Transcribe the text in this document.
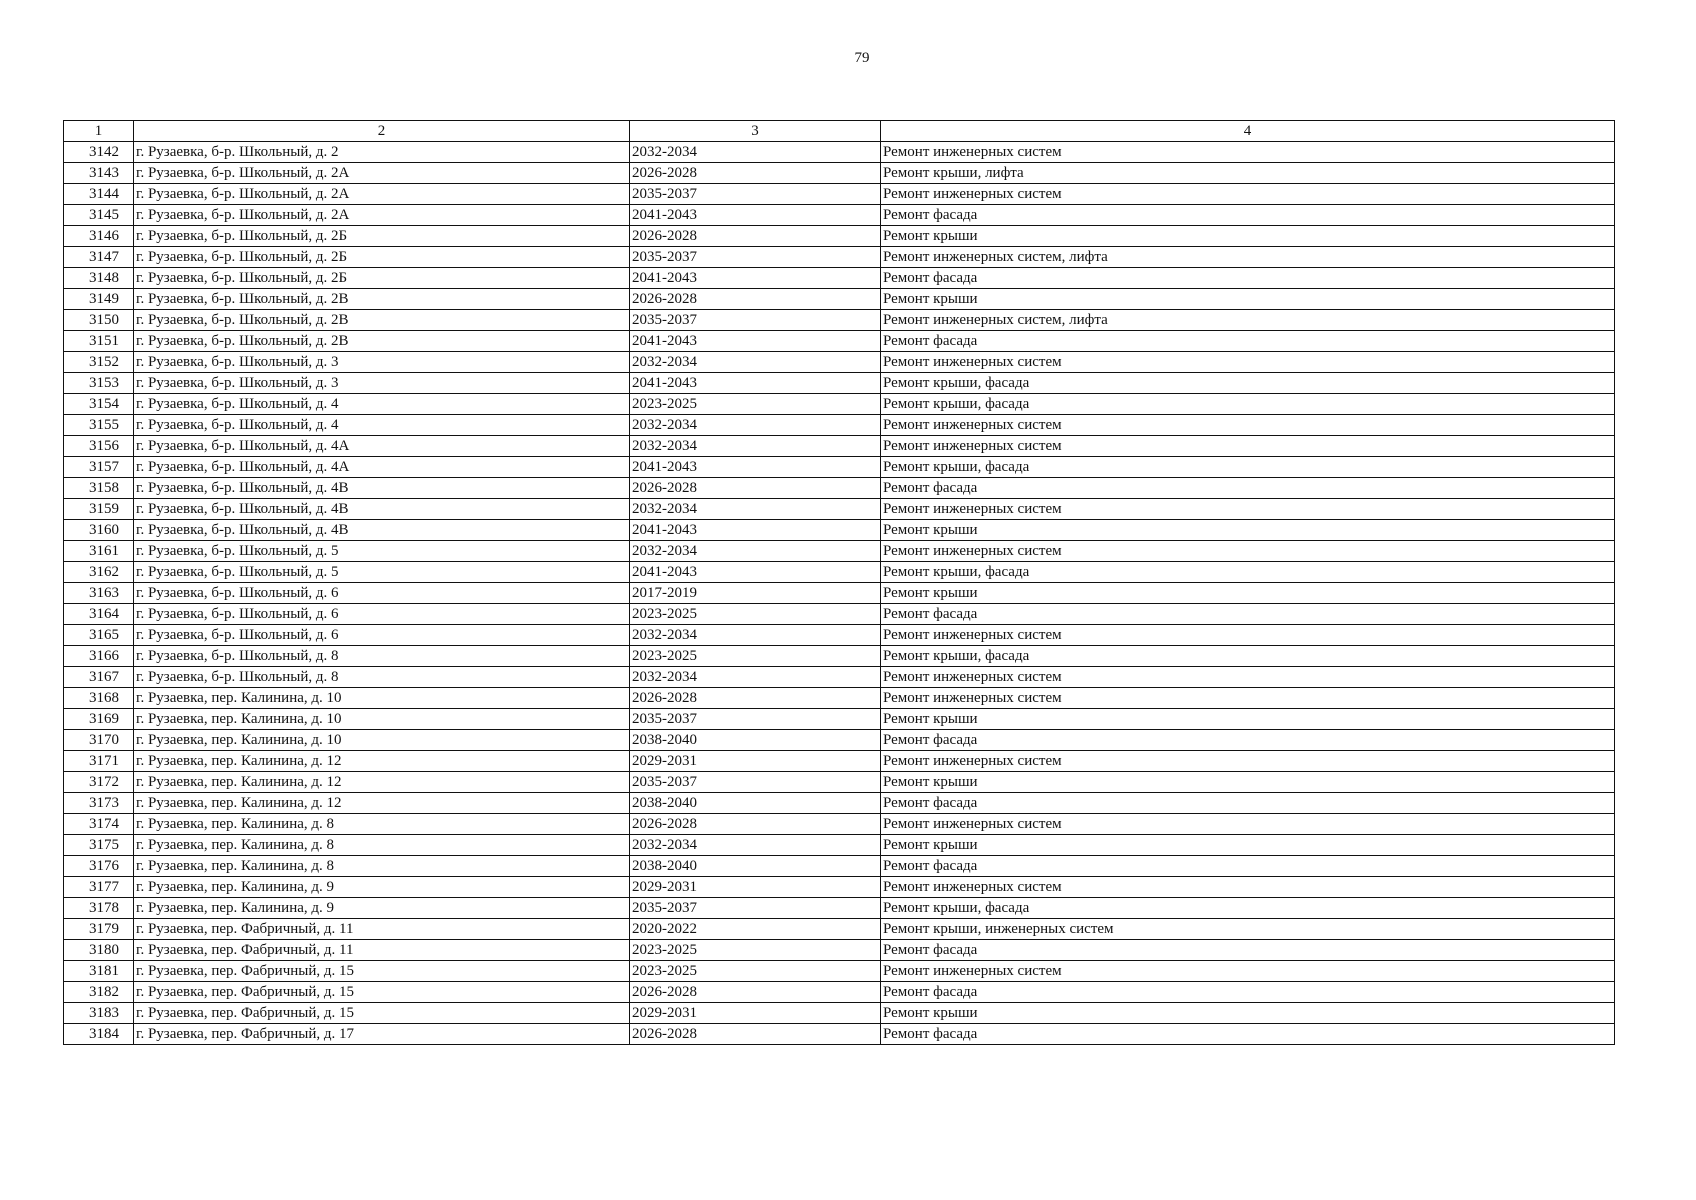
79
1	2	3	4
3142	г. Рузаевка, б-р. Школьный, д. 2	2032-2034	Ремонт инженерных систем
3143	г. Рузаевка, б-р. Школьный, д. 2А	2026-2028	Ремонт крыши, лифта
3144	г. Рузаевка, б-р. Школьный, д. 2А	2035-2037	Ремонт инженерных систем
3145	г. Рузаевка, б-р. Школьный, д. 2А	2041-2043	Ремонт фасада
3146	г. Рузаевка, б-р. Школьный, д. 2Б	2026-2028	Ремонт крыши
3147	г. Рузаевка, б-р. Школьный, д. 2Б	2035-2037	Ремонт инженерных систем, лифта
3148	г. Рузаевка, б-р. Школьный, д. 2Б	2041-2043	Ремонт фасада
3149	г. Рузаевка, б-р. Школьный, д. 2В	2026-2028	Ремонт крыши
3150	г. Рузаевка, б-р. Школьный, д. 2В	2035-2037	Ремонт инженерных систем, лифта
3151	г. Рузаевка, б-р. Школьный, д. 2В	2041-2043	Ремонт фасада
3152	г. Рузаевка, б-р. Школьный, д. 3	2032-2034	Ремонт инженерных систем
3153	г. Рузаевка, б-р. Школьный, д. 3	2041-2043	Ремонт крыши, фасада
3154	г. Рузаевка, б-р. Школьный, д. 4	2023-2025	Ремонт крыши, фасада
3155	г. Рузаевка, б-р. Школьный, д. 4	2032-2034	Ремонт инженерных систем
3156	г. Рузаевка, б-р. Школьный, д. 4А	2032-2034	Ремонт инженерных систем
3157	г. Рузаевка, б-р. Школьный, д. 4А	2041-2043	Ремонт крыши, фасада
3158	г. Рузаевка, б-р. Школьный, д. 4В	2026-2028	Ремонт фасада
3159	г. Рузаевка, б-р. Школьный, д. 4В	2032-2034	Ремонт инженерных систем
3160	г. Рузаевка, б-р. Школьный, д. 4В	2041-2043	Ремонт крыши
3161	г. Рузаевка, б-р. Школьный, д. 5	2032-2034	Ремонт инженерных систем
3162	г. Рузаевка, б-р. Школьный, д. 5	2041-2043	Ремонт крыши, фасада
3163	г. Рузаевка, б-р. Школьный, д. 6	2017-2019	Ремонт крыши
3164	г. Рузаевка, б-р. Школьный, д. 6	2023-2025	Ремонт фасада
3165	г. Рузаевка, б-р. Школьный, д. 6	2032-2034	Ремонт инженерных систем
3166	г. Рузаевка, б-р. Школьный, д. 8	2023-2025	Ремонт крыши, фасада
3167	г. Рузаевка, б-р. Школьный, д. 8	2032-2034	Ремонт инженерных систем
3168	г. Рузаевка, пер. Калинина, д. 10	2026-2028	Ремонт инженерных систем
3169	г. Рузаевка, пер. Калинина, д. 10	2035-2037	Ремонт крыши
3170	г. Рузаевка, пер. Калинина, д. 10	2038-2040	Ремонт фасада
3171	г. Рузаевка, пер. Калинина, д. 12	2029-2031	Ремонт инженерных систем
3172	г. Рузаевка, пер. Калинина, д. 12	2035-2037	Ремонт крыши
3173	г. Рузаевка, пер. Калинина, д. 12	2038-2040	Ремонт фасада
3174	г. Рузаевка, пер. Калинина, д. 8	2026-2028	Ремонт инженерных систем
3175	г. Рузаевка, пер. Калинина, д. 8	2032-2034	Ремонт крыши
3176	г. Рузаевка, пер. Калинина, д. 8	2038-2040	Ремонт фасада
3177	г. Рузаевка, пер. Калинина, д. 9	2029-2031	Ремонт инженерных систем
3178	г. Рузаевка, пер. Калинина, д. 9	2035-2037	Ремонт крыши, фасада
3179	г. Рузаевка, пер. Фабричный, д. 11	2020-2022	Ремонт крыши, инженерных систем
3180	г. Рузаевка, пер. Фабричный, д. 11	2023-2025	Ремонт фасада
3181	г. Рузаевка, пер. Фабричный, д. 15	2023-2025	Ремонт инженерных систем
3182	г. Рузаевка, пер. Фабричный, д. 15	2026-2028	Ремонт фасада
3183	г. Рузаевка, пер. Фабричный, д. 15	2029-2031	Ремонт крыши
3184	г. Рузаевка, пер. Фабричный, д. 17	2026-2028	Ремонт фасада
